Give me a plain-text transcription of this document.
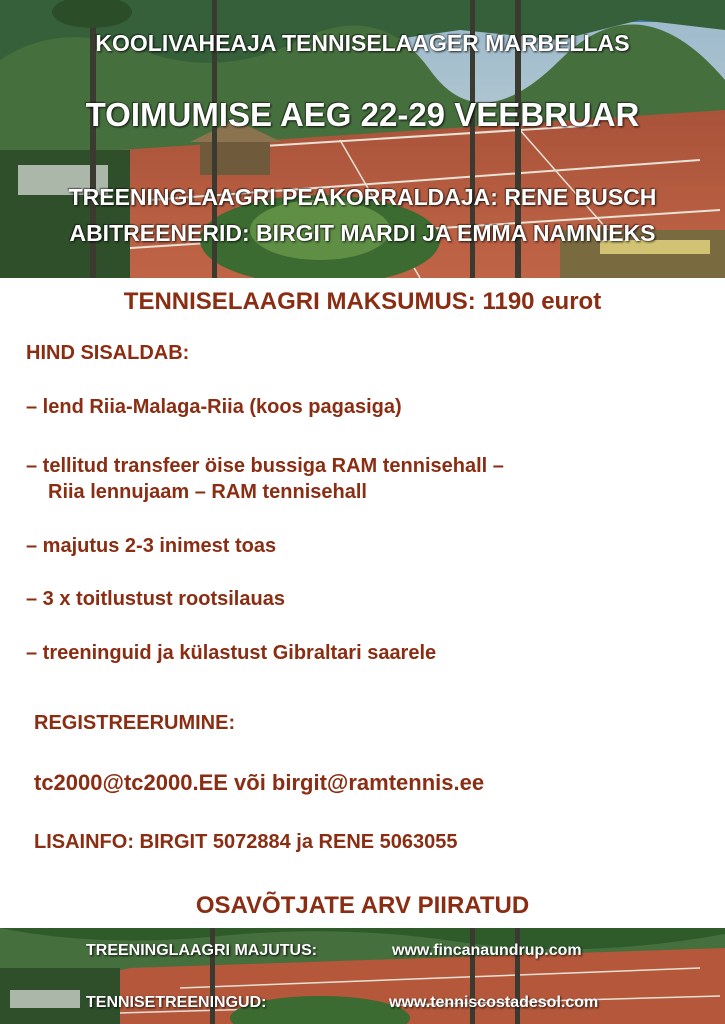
KOOLIVAHEAJA TENNISELAAGER MARBELLAS
TOIMUMISE AEG 22-29 VEEBRUAR
TREENINGLAAGRI PEAKORRALDAJA: RENE BUSCH
ABITREENERID: BIRGIT MARDI JA EMMA NAMNIEKS
TENNISELAAGRI MAKSUMUS: 1190 eurot
HIND SISALDAB:
– lend Riia-Malaga-Riia (koos pagasiga)
– tellitud transfeer öise bussiga RAM tennisehall –
Riia lennujaam – RAM tennisehall
– majutus 2-3 inimest toas
– 3 x toitlustust rootsilauas
– treeninguid ja külastust Gibraltari saarele
REGISTREERUMINE:
tc2000@tc2000.EE või birgit@ramtennis.ee
LISAINFO: BIRGIT 5072884 ja RENE 5063055
OSAVÕTJATE ARV PIIRATUD
TREENINGLAAGRI MAJUTUS:	www.fincanaundrup.com
TENNISETREENINGUD:	www.tenniscostadesol.com
